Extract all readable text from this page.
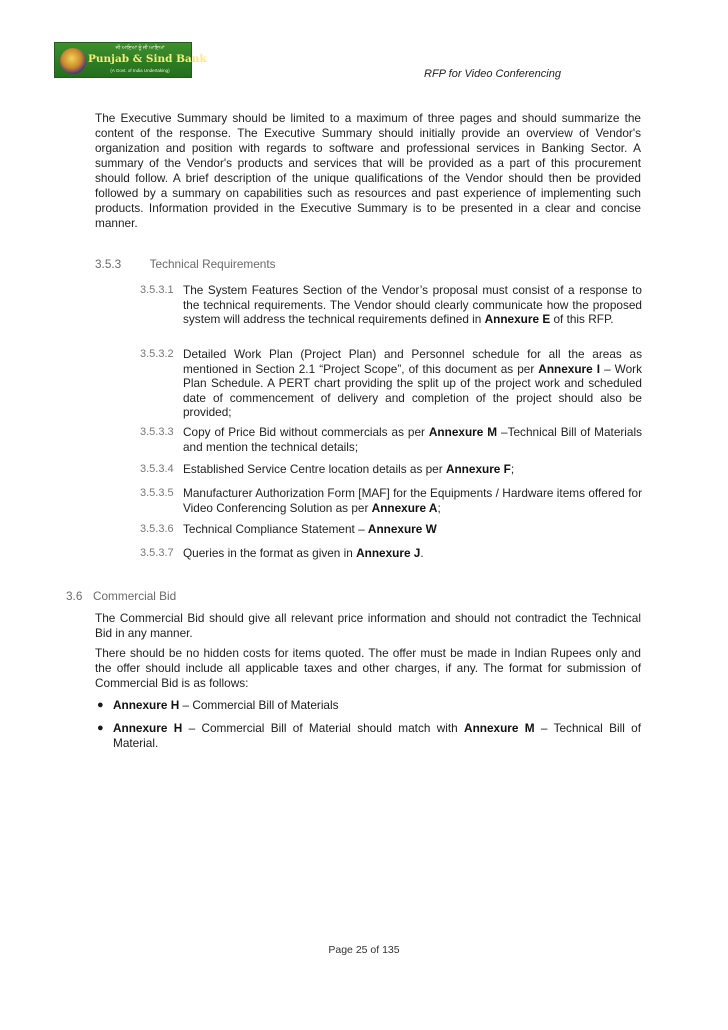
ਜੀ ਆਇਆਂ ਨੂੰ ਜੀ ਆਇਆਂ
Punjab & Sind Bank
(A Govt. of India Undertaking)	RFP for Video Conferencing

The Executive Summary should be limited to a maximum of three pages and should summarize the content of the response. The Executive Summary should initially provide an overview of Vendor's organization and position with regards to software and professional services in Banking Sector. A summary of the Vendor's products and services that will be provided as a part of this procurement should follow. A brief description of the unique qualifications of the Vendor should then be provided followed by a summary on capabilities such as resources and past experience of implementing such products. Information provided in the Executive Summary is to be presented in a clear and concise manner.

3.5.3 Technical Requirements
3.5.3.1 The System Features Section of the Vendor’s proposal must consist of a response to the technical requirements. The Vendor should clearly communicate how the proposed system will address the technical requirements defined in Annexure E of this RFP.
3.5.3.2 Detailed Work Plan (Project Plan) and Personnel schedule for all the areas as mentioned in Section 2.1 “Project Scope”, of this document as per Annexure I – Work Plan Schedule. A PERT chart providing the split up of the project work and scheduled date of commencement of delivery and completion of the project should also be provided;
3.5.3.3 Copy of Price Bid without commercials as per Annexure M –Technical Bill of Materials and mention the technical details;
3.5.3.4 Established Service Centre location details as per Annexure F;
3.5.3.5 Manufacturer Authorization Form [MAF] for the Equipments / Hardware items offered for Video Conferencing Solution as per Annexure A;
3.5.3.6 Technical Compliance Statement – Annexure W
3.5.3.7 Queries in the format as given in Annexure J.
3.6 Commercial Bid

The Commercial Bid should give all relevant price information and should not contradict the Technical Bid in any manner.

There should be no hidden costs for items quoted. The offer must be made in Indian Rupees only and the offer should include all applicable taxes and other charges, if any. The format for submission of Commercial Bid is as follows:

● Annexure H – Commercial Bill of Materials
● Annexure H – Commercial Bill of Material should match with Annexure M – Technical Bill of Material.
Page 25 of 135
